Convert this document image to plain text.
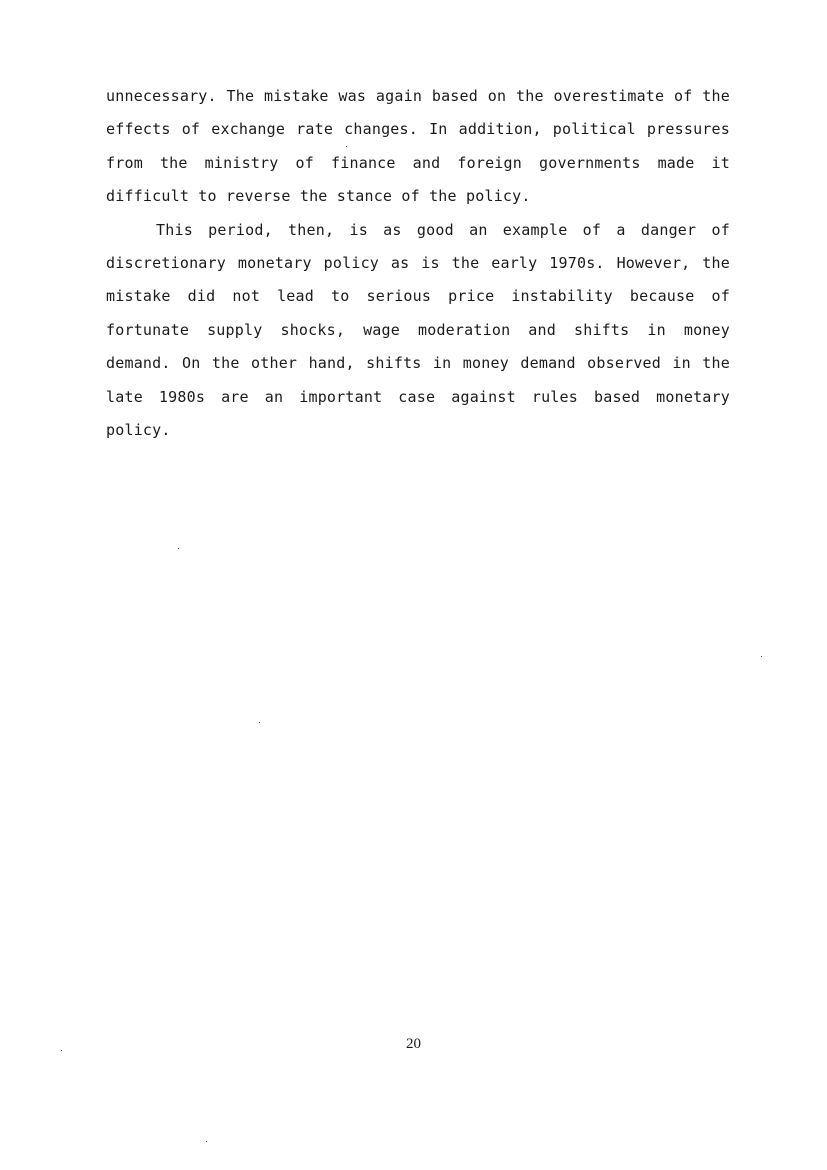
unnecessary. The mistake was again based on the overestimate of the effects of exchange rate changes. In addition, political pressures from the ministry of finance and foreign governments made it difficult to reverse the stance of the policy.

This period, then, is as good an example of a danger of discretionary monetary policy as is the early 1970s. However, the mistake did not lead to serious price instability because of fortunate supply shocks, wage moderation and shifts in money demand. On the other hand, shifts in money demand observed in the late 1980s are an important case against rules based monetary policy.

20
